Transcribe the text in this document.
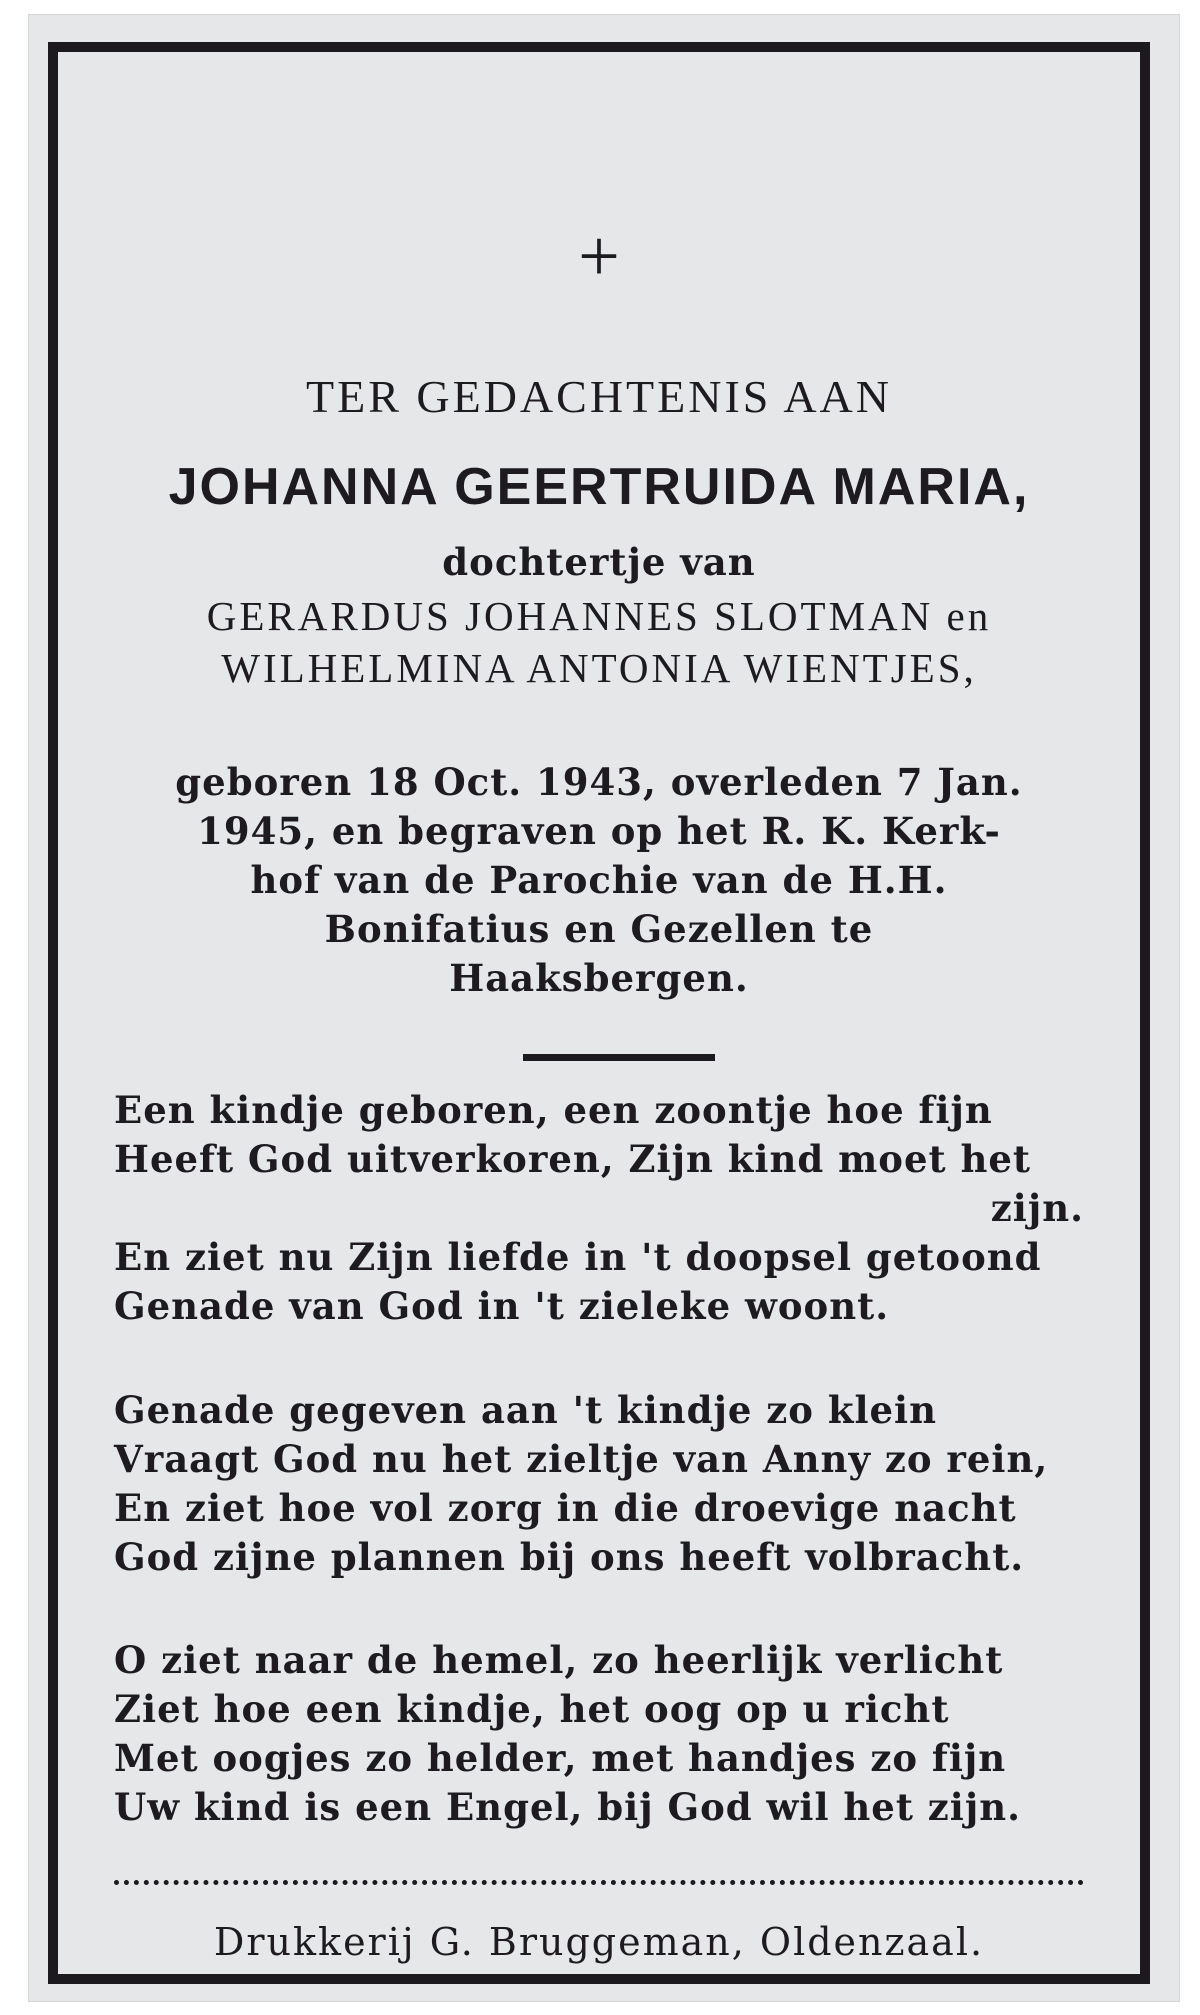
+
TER GEDACHTENIS AAN
JOHANNA GEERTRUIDA MARIA,
dochtertje van
GERARDUS JOHANNES SLOTMAN en
WILHELMINA ANTONIA WIENTJES,
geboren 18 Oct. 1943, overleden 7 Jan.
1945, en begraven op het R. K. Kerk-
hof van de Parochie van de H.H.
Bonifatius en Gezellen te
Haaksbergen.
Een kindje geboren, een zoontje hoe fijn
Heeft God uitverkoren, Zijn kind moet het
zijn.
En ziet nu Zijn liefde in 't doopsel getoond
Genade van God in 't zieleke woont.
Genade gegeven aan 't kindje zo klein
Vraagt God nu het zieltje van Anny zo rein,
En ziet hoe vol zorg in die droevige nacht
God zijne plannen bij ons heeft volbracht.
O ziet naar de hemel, zo heerlijk verlicht
Ziet hoe een kindje, het oog op u richt
Met oogjes zo helder, met handjes zo fijn
Uw kind is een Engel, bij God wil het zijn.
Drukkerij G. Bruggeman, Oldenzaal.
